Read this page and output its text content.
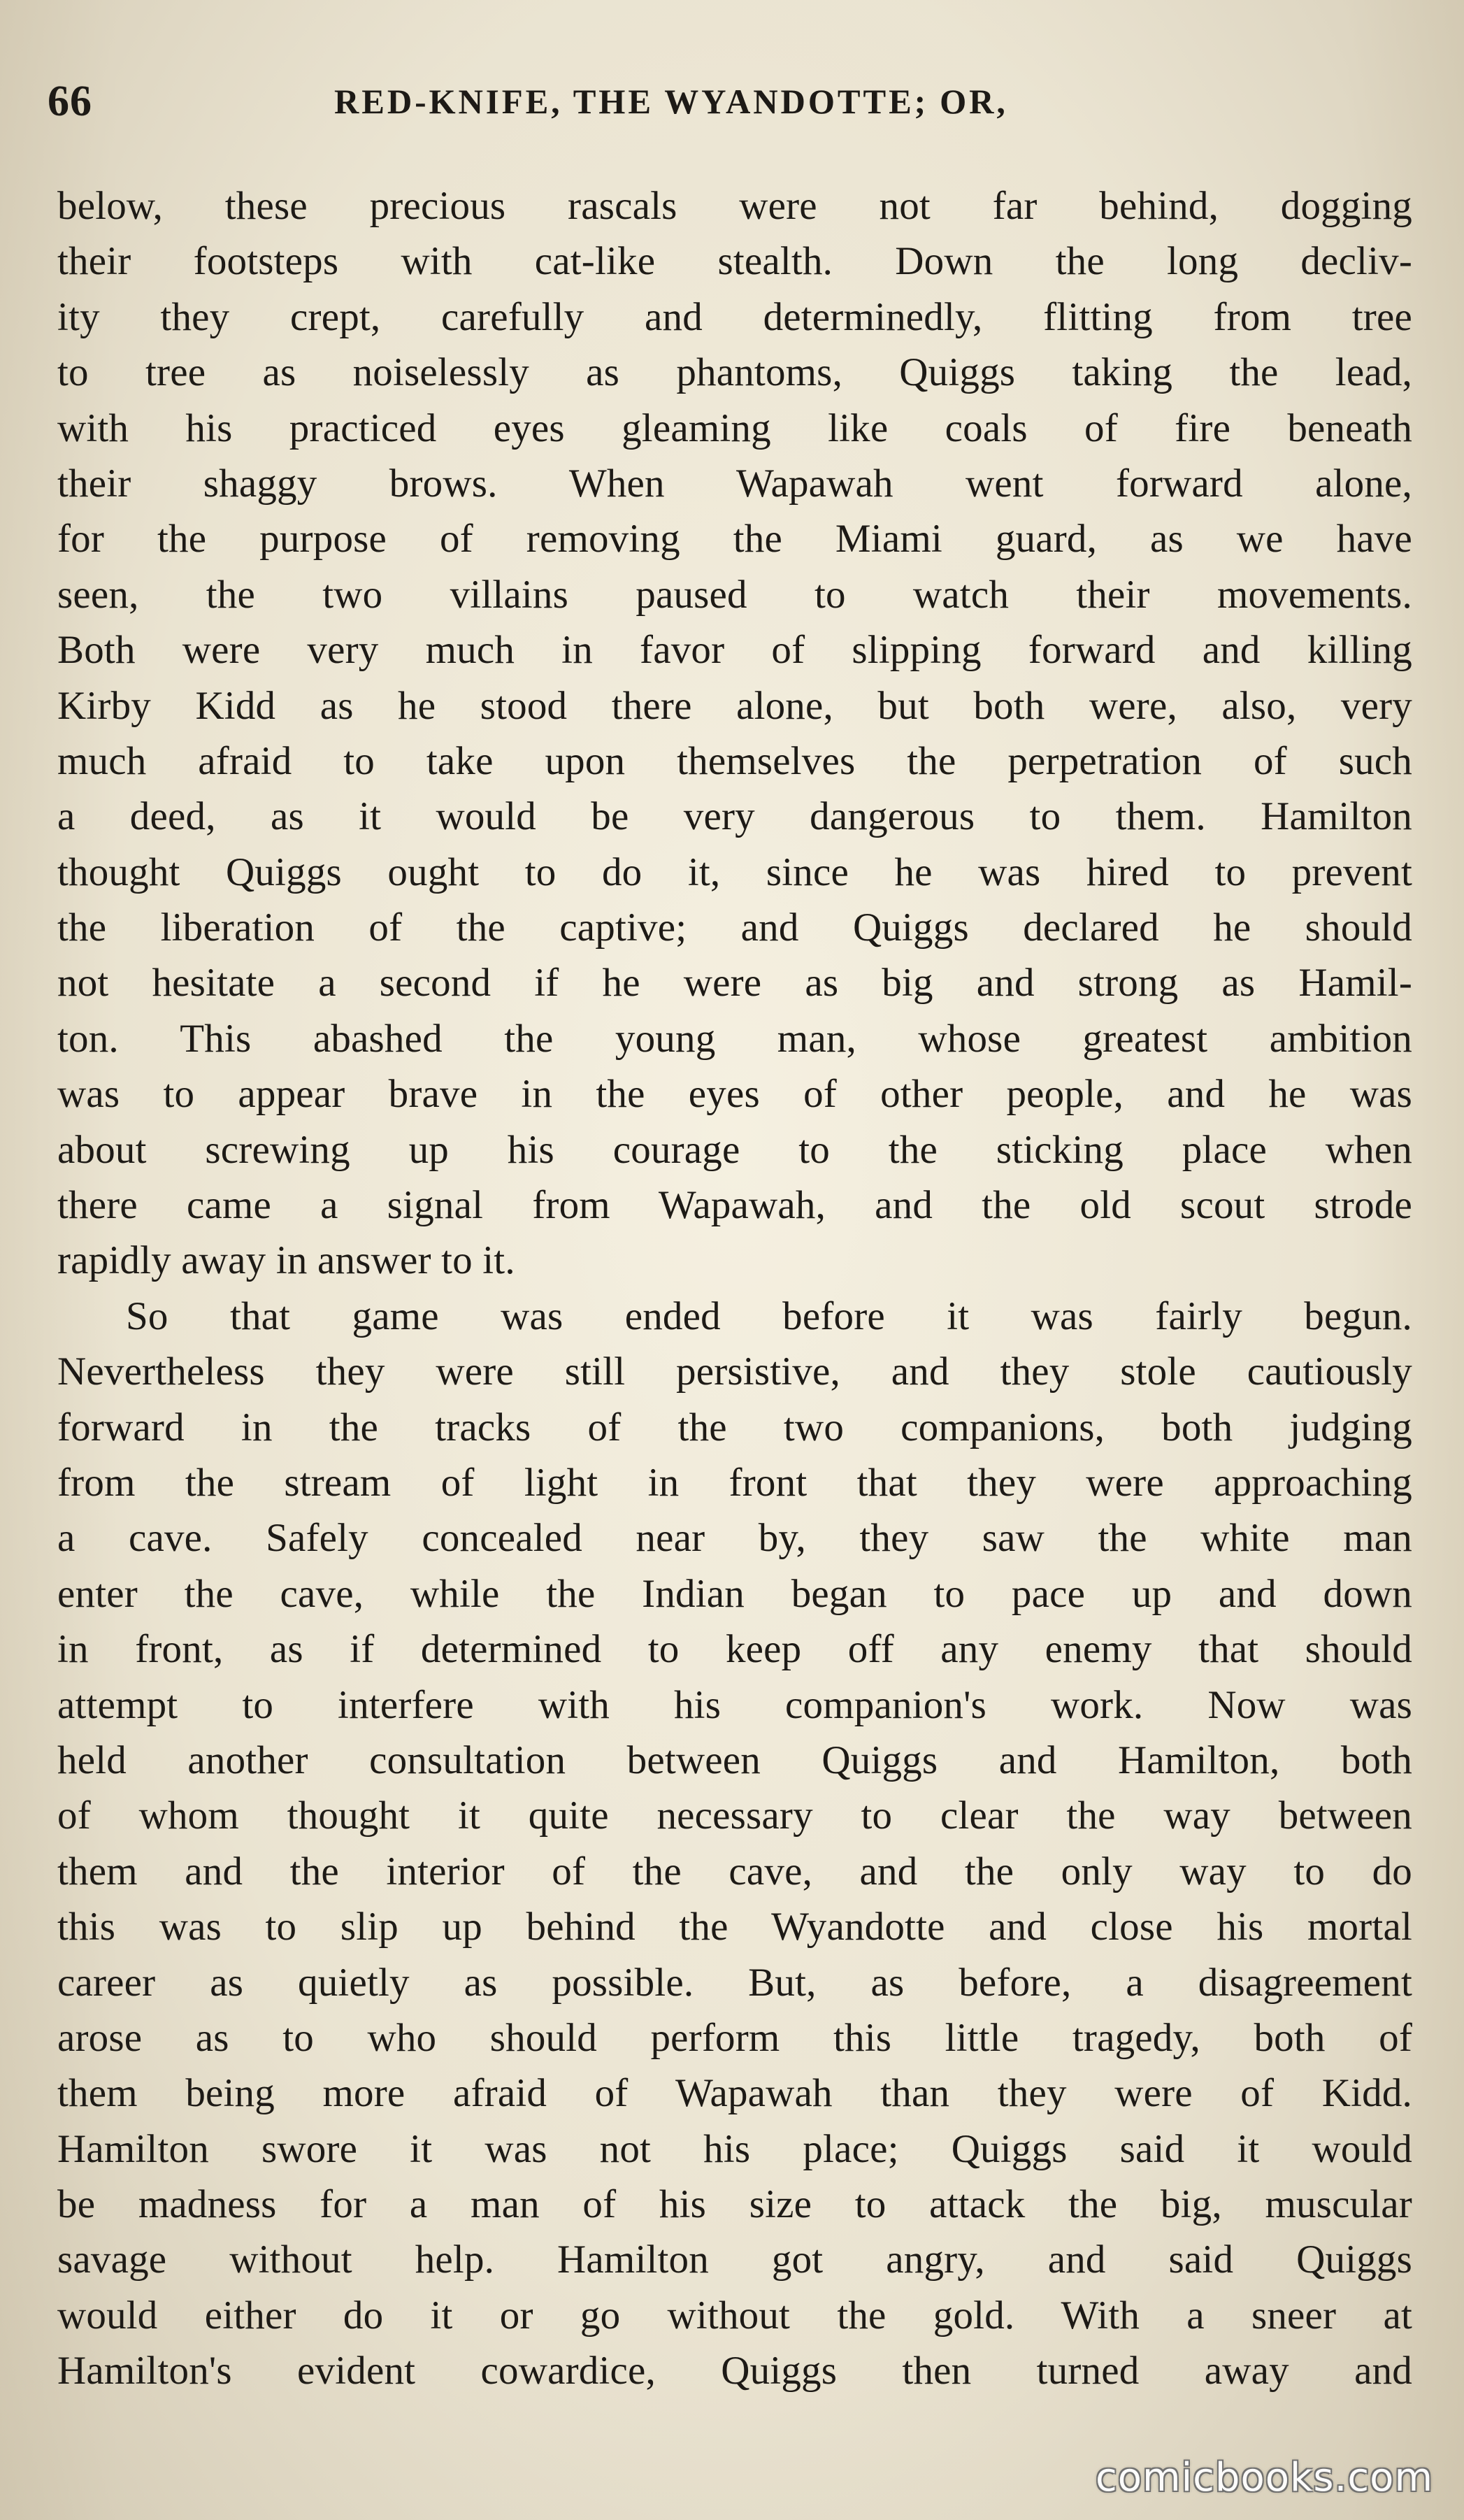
66	RED-KNIFE, THE WYANDOTTE; OR,
below, these precious rascals were not far behind, dogging
their footsteps with cat-like stealth. Down the long decliv-
ity they crept, carefully and determinedly, flitting from tree
to tree as noiselessly as phantoms, Quiggs taking the lead,
with his practiced eyes gleaming like coals of fire beneath
their shaggy brows. When Wapawah went forward alone,
for the purpose of removing the Miami guard, as we have
seen, the two villains paused to watch their movements.
Both were very much in favor of slipping forward and killing
Kirby Kidd as he stood there alone, but both were, also, very
much afraid to take upon themselves the perpetration of such
a deed, as it would be very dangerous to them. Hamilton
thought Quiggs ought to do it, since he was hired to prevent
the liberation of the captive; and Quiggs declared he should
not hesitate a second if he were as big and strong as Hamil-
ton. This abashed the young man, whose greatest ambition
was to appear brave in the eyes of other people, and he was
about screwing up his courage to the sticking place when
there came a signal from Wapawah, and the old scout strode
rapidly away in answer to it.
So that game was ended before it was fairly begun.
Nevertheless they were still persistive, and they stole cautiously
forward in the tracks of the two companions, both judging
from the stream of light in front that they were approaching
a cave. Safely concealed near by, they saw the white man
enter the cave, while the Indian began to pace up and down
in front, as if determined to keep off any enemy that should
attempt to interfere with his companion's work. Now was
held another consultation between Quiggs and Hamilton, both
of whom thought it quite necessary to clear the way between
them and the interior of the cave, and the only way to do
this was to slip up behind the Wyandotte and close his mortal
career as quietly as possible. But, as before, a disagreement
arose as to who should perform this little tragedy, both of
them being more afraid of Wapawah than they were of Kidd.
Hamilton swore it was not his place; Quiggs said it would
be madness for a man of his size to attack the big, muscular
savage without help. Hamilton got angry, and said Quiggs
would either do it or go without the gold. With a sneer at
Hamilton's evident cowardice, Quiggs then turned away and
comicbooks.com
